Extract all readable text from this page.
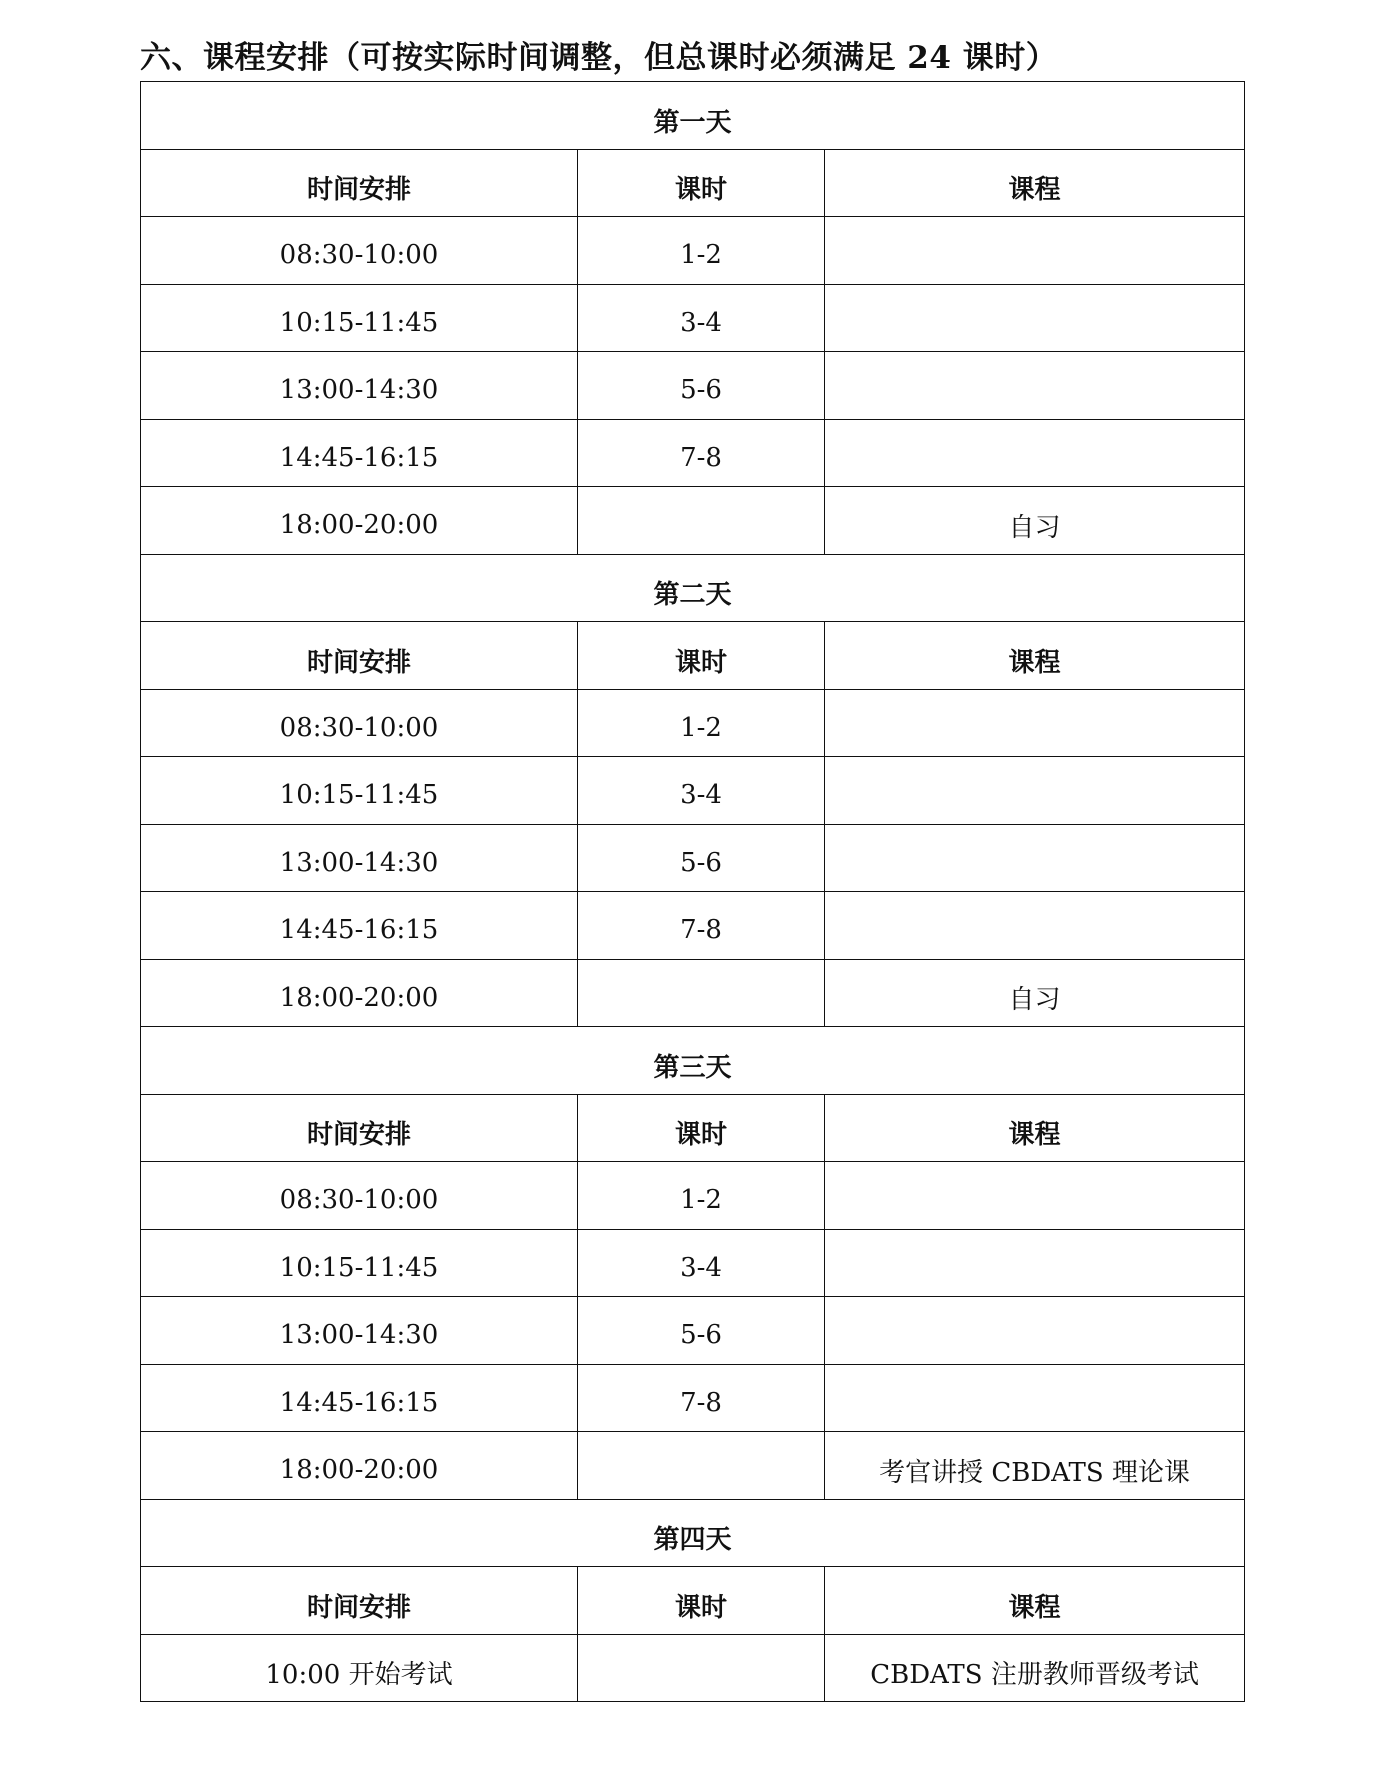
六、课程安排（可按实际时间调整，但总课时必须满足 24 课时）
第一天		
时间安排	课时	课程
08:30-10:00	1-2	
10:15-11:45	3-4	
13:00-14:30	5-6	
14:45-16:15	7-8	
18:00-20:00		自习
第二天		
时间安排	课时	课程
08:30-10:00	1-2	
10:15-11:45	3-4	
13:00-14:30	5-6	
14:45-16:15	7-8	
18:00-20:00		自习
第三天		
时间安排	课时	课程
08:30-10:00	1-2	
10:15-11:45	3-4	
13:00-14:30	5-6	
14:45-16:15	7-8	
18:00-20:00		考官讲授 CBDATS 理论课
第四天		
时间安排	课时	课程
10:00 开始考试		CBDATS 注册教师晋级考试
